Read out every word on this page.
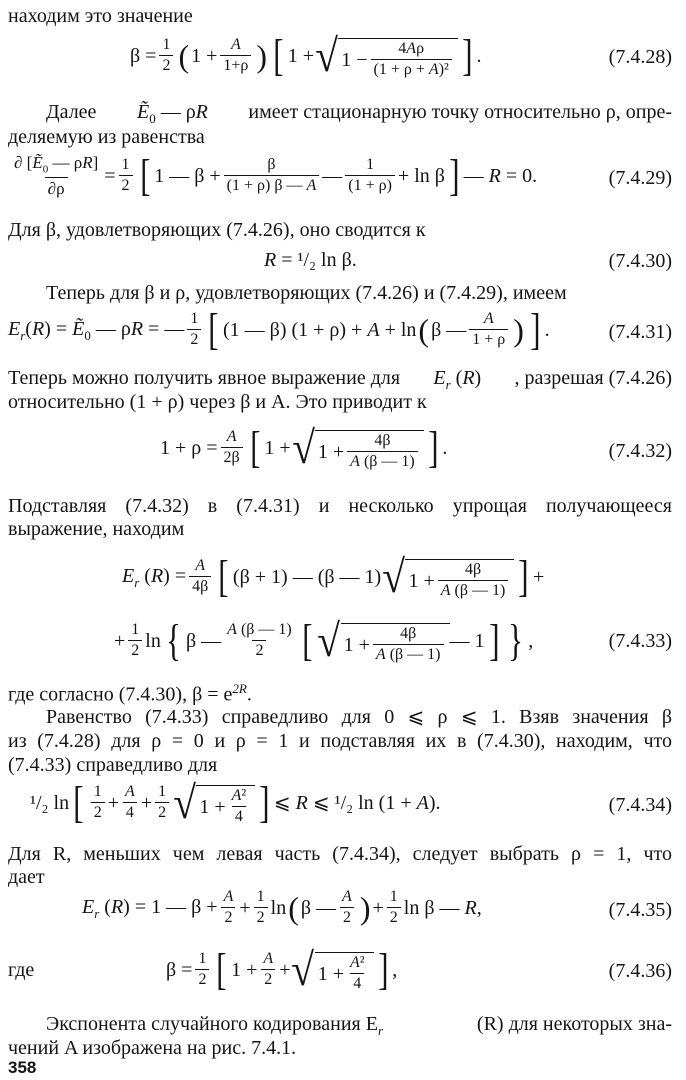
находим это значение
$\beta = \frac{1}{2}$ ( $1 + \frac{A}{1+\rho}$ ) [ 1 + √ $1 - \frac{4A\rho}{\text{(1 + ρ + A)²}}$ ] .	(7.4.28)
Далее Ẽ$_0$ — ρR имеет стационарную точку относительно ρ, опре-
деляемую из равенства
$\frac{\partial [Ẽ_0 — \rho R]}{\partial\rho} = \frac{1}{2}$ [ 1 — $\beta + \frac{\beta}{(1 + \rho) \beta — A}$ — $\frac{1}{(1 + \rho)} + \ln \beta$ ] — R = 0.	(7.4.29)
Для β, удовлетворяющих (7.4.26), оно сводится к
R = ¹/₂ ln β.	(7.4.30)
Теперь для β и ρ, удовлетворяющих (7.4.26) и (7.4.29), имеем
$E_r(R)$ = Ẽ$_0$ — ρR = — $\frac{1}{2}$ [ (1 — β) (1 + ρ) + A + ln ( β — $\frac{A}{1 + \rho}$ ) ] .	(7.4.31)
Теперь можно получить явное выражение для $E_r$ (R) , разрешая (7.4.26)
относительно (1 + ρ) через β и A. Это приводит к
$1 + \rho = \frac{A}{2\beta}$ [ 1 + √ $1 + \frac{4\beta}{A (\beta — 1)}$ ] .	(7.4.32)
Подставляя (7.4.32) в (7.4.31) и несколько упрощая получающееся
выражение, находим
$E_r$ $(R) = \frac{A}{4\beta}$ [ (β + 1) — (β — 1) √ $1 + \frac{4\beta}{A (\beta — 1)}$ ] +
+ $\frac{1}{2}$ ln { β — $\frac{A (\beta — 1)}{2}$ [ √ $1 + \frac{4\beta}{A (\beta — 1)}$ — 1 ] } ,	(7.4.33)
где согласно (7.4.30), $\beta = e^{2R}$.
Равенство (7.4.33) справедливо для 0 ⩽ ρ ⩽ 1. Взяв значения β
из (7.4.28) для ρ = 0 и ρ = 1 и подставляя их в (7.4.30), находим, что
(7.4.33) справедливо для
¹/₂ ln [ $\frac{1}{2} + \frac{A}{4} + \frac{1}{2}$ √ $1 + \frac{\text{A²}}{4}$ ] ⩽ R ⩽ ¹/₂ ln (1 + A).	(7.4.34)
Для R, меньших чем левая часть (7.4.34), следует выбрать ρ = 1, что
дает
$E_r$ (R) = 1 — $\beta + \frac{A}{2} + \frac{1}{2}$ ln ( β — $\frac{A}{2}$ ) + $\frac{1}{2}$ ln β — R,	(7.4.35)
где	$\beta = \frac{1}{2}$ [ $1 + \frac{A}{2}$ + √ $1 + \frac{\text{A²}}{4}$ ] ,	(7.4.36)
Экспонента случайного кодирования $E_r$	(R) для некоторых зна-
чений A изображена на рис. 7.4.1.
358
